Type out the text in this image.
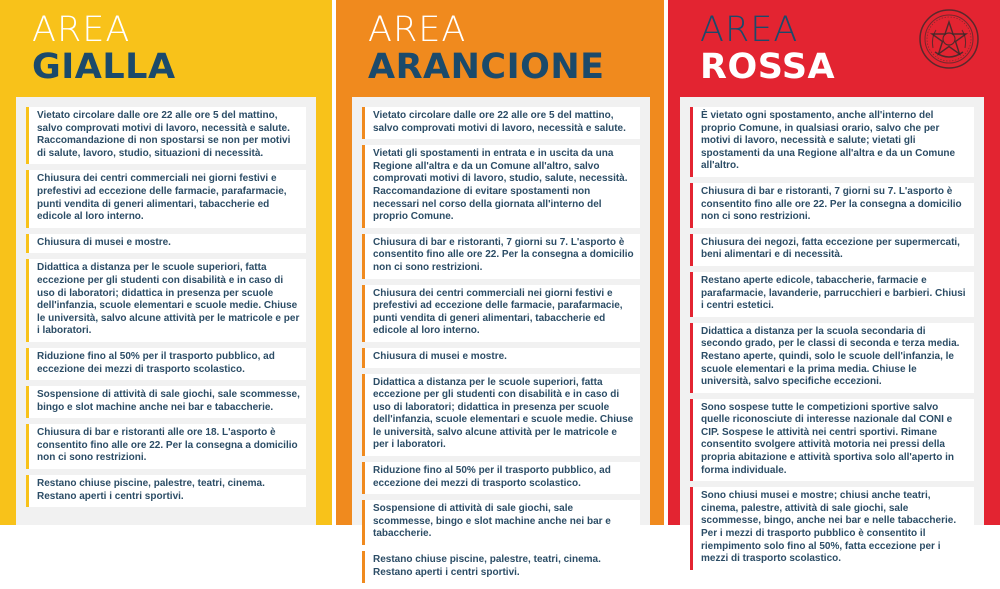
AREA
GIALLA
Vietato circolare dalle ore 22 alle ore 5 del mattino, salvo comprovati motivi di lavoro, necessità e salute. Raccomandazione di non spostarsi se non per motivi di salute, lavoro, studio, situazioni di necessità.
Chiusura dei centri commerciali nei giorni festivi e prefestivi ad eccezione delle farmacie, parafarmacie, punti vendita di generi alimentari, tabaccherie ed edicole al loro interno.
Chiusura di musei e mostre.
Didattica a distanza per le scuole superiori, fatta eccezione per gli studenti con disabilità e in caso di uso di laboratori; didattica in presenza per scuole dell'infanzia, scuole elementari e scuole medie. Chiuse le università, salvo alcune attività per le matricole e per i laboratori.
Riduzione fino al 50% per il trasporto pubblico, ad eccezione dei mezzi di trasporto scolastico.
Sospensione di attività di sale giochi, sale scommesse, bingo e slot machine anche nei bar e tabaccherie.
Chiusura di bar e ristoranti alle ore 18. L'asporto è consentito fino alle ore 22. Per la consegna a domicilio non ci sono restrizioni.
Restano chiuse piscine, palestre, teatri, cinema. Restano aperti i centri sportivi.
AREA
ARANCIONE
Vietato circolare dalle ore 22 alle ore 5 del mattino, salvo comprovati motivi di lavoro, necessità e salute.
Vietati gli spostamenti in entrata e in uscita da una Regione all'altra e da un Comune all'altro, salvo comprovati motivi di lavoro, studio, salute, necessità. Raccomandazione di evitare spostamenti non necessari nel corso della giornata all'interno del proprio Comune.
Chiusura di bar e ristoranti, 7 giorni su 7. L'asporto è consentito fino alle ore 22. Per la consegna a domicilio non ci sono restrizioni.
Chiusura dei centri commerciali nei giorni festivi e prefestivi ad eccezione delle farmacie, parafarmacie, punti vendita di generi alimentari, tabaccherie ed edicole al loro interno.
Chiusura di musei e mostre.
Didattica a distanza per le scuole superiori, fatta eccezione per gli studenti con disabilità e in caso di uso di laboratori; didattica in presenza per scuole dell'infanzia, scuole elementari e scuole medie. Chiuse le università, salvo alcune attività per le matricole e per i laboratori.
Riduzione fino al 50% per il trasporto pubblico, ad eccezione dei mezzi di trasporto scolastico.
Sospensione di attività di sale giochi, sale scommesse, bingo e slot machine anche nei bar e tabaccherie.
Restano chiuse piscine, palestre, teatri, cinema. Restano aperti i centri sportivi.
AREA
ROSSA
È vietato ogni spostamento, anche all'interno del proprio Comune, in qualsiasi orario, salvo che per motivi di lavoro, necessità e salute; vietati gli spostamenti da una Regione all'altra e da un Comune all'altro.
Chiusura di bar e ristoranti, 7 giorni su 7. L'asporto è consentito fino alle ore 22. Per la consegna a domicilio non ci sono restrizioni.
Chiusura dei negozi, fatta eccezione per supermercati, beni alimentari e di necessità.
Restano aperte edicole, tabaccherie, farmacie e parafarmacie, lavanderie, parrucchieri e barbieri. Chiusi i centri estetici.
Didattica a distanza per la scuola secondaria di secondo grado, per le classi di seconda e terza media. Restano aperte, quindi, solo le scuole dell'infanzia, le scuole elementari e la prima media. Chiuse le università, salvo specifiche eccezioni.
Sono sospese tutte le competizioni sportive salvo quelle riconosciute di interesse nazionale dal CONI e CIP. Sospese le attività nei centri sportivi. Rimane consentito svolgere attività motoria nei pressi della propria abitazione e attività sportiva solo all'aperto in forma individuale.
Sono chiusi musei e mostre; chiusi anche teatri, cinema, palestre, attività di sale giochi, sale scommesse, bingo, anche nei bar e nelle tabaccherie. Per i mezzi di trasporto pubblico è consentito il riempimento solo fino al 50%, fatta eccezione per i mezzi di trasporto scolastico.
